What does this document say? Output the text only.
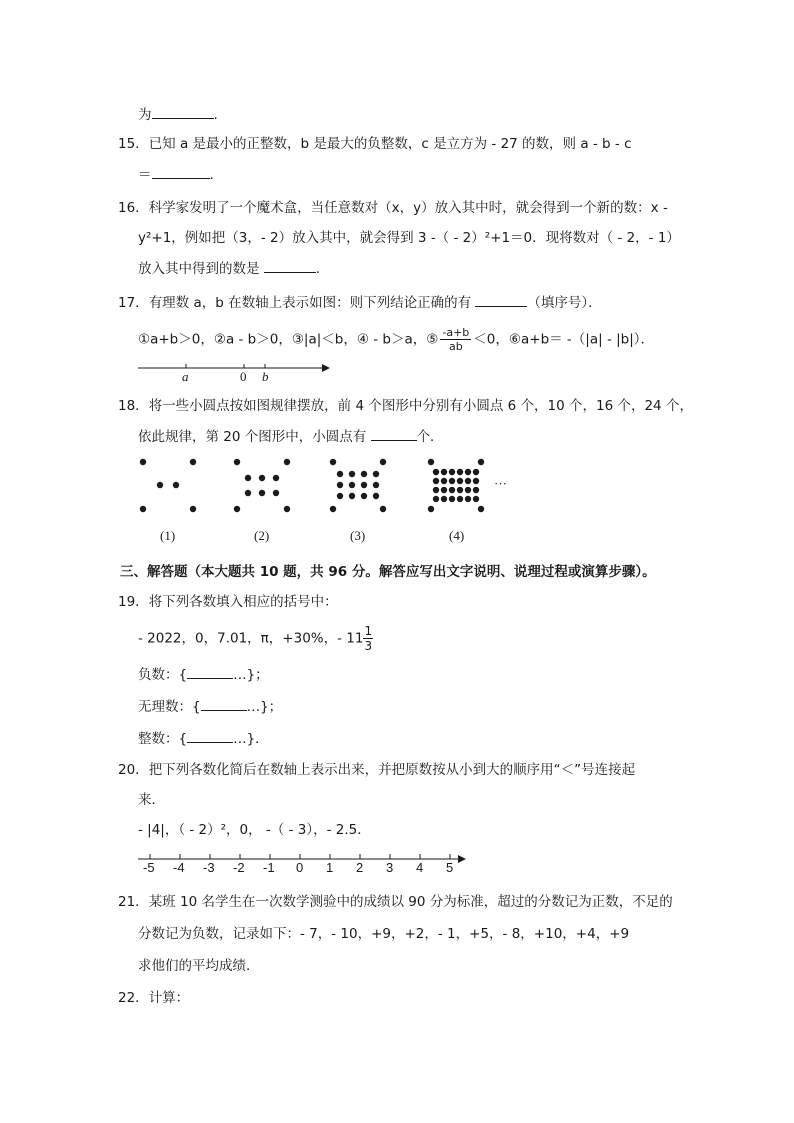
为	.
15．已知 a 是最小的正整数，b 是最大的负整数，c 是立方为 - 27 的数，则 a - b - c
＝	.
16．科学家发明了一个魔术盒，当任意数对（x，y）放入其中时，就会得到一个新的数：x -
y²+1，例如把（3，- 2）放入其中，就会得到 3 -（ - 2）²+1＝0．现将数对（ - 2，- 1）
放入其中得到的数是	.
17．有理数 a，b 在数轴上表示如图：则下列结论正确的有	（填序号）．
①a+b＞0，②a - b＞0，③|a|＜b，④ - b＞a，⑤ $\frac{-a+b}{ab} <0$，⑥a+b＝ -（|a| - |b|）．
a	0 b
18．将一些小圆点按如图规律摆放，前 4 个图形中分别有小圆点 6 个，10 个，16 个，24 个，
依此规律，第 20 个图形中，小圆点有	个．
···
(1)	(2)	(3)	(4)
三、解答题（本大题共 10 题，共 96 分。解答应写出文字说明、说理过程或演算步骤）。
19．将下列各数填入相应的括号中：
- 2022，0，7.01，π，+30%，- $11 \frac{1}{3}$
负数：{	…}；
无理数：{	…}；
整数：{	…}．
20．把下列各数化简后在数轴上表示出来，并把原数按从小到大的顺序用“＜”号连接起
来．
- |4|，（ - 2）²，0， -（ - 3），- 2.5．
-5 -4 -3 -2 -1 0 1 2 3 4 5
21．某班 10 名学生在一次数学测验中的成绩以 90 分为标准，超过的分数记为正数，不足的
分数记为负数，记录如下：- 7，- 10，+9，+2，- 1，+5，- 8，+10，+4，+9
求他们的平均成绩．
22．计算：
